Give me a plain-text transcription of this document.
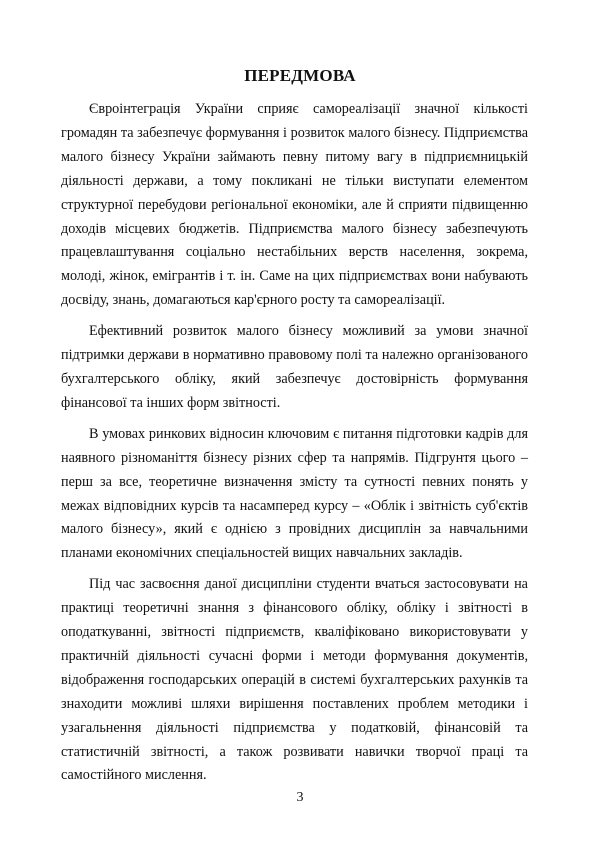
ПЕРЕДМОВА

Євроінтеграція України сприяє самореалізації значної кількості громадян та забезпечує формування і розвиток малого бізнесу. Підприємства малого бізнесу України займають певну питому вагу в підприємницькій діяльності держави, а тому покликані не тільки виступати елементом структурної перебудови регіональної економіки, але й сприяти підвищенню доходів місцевих бюджетів. Підприємства малого бізнесу забезпечують працевлаштування соціально нестабільних верств населення, зокрема, молоді, жінок, емігрантів і т. ін. Саме на цих підприємствах вони набувають досвіду, знань, домагаються кар'єрного росту та самореалізації.

Ефективний розвиток малого бізнесу можливий за умови значної підтримки держави в нормативно правовому полі та належно організованого бухгалтерського обліку, який забезпечує достовірність формування фінансової та інших форм звітності.

В умовах ринкових відносин ключовим є питання підготовки кадрів для наявного різноманіття бізнесу різних сфер та напрямів. Підгрунтя цього – перш за все, теоретичне визначення змісту та сутності певних понять у межах відповідних курсів та насамперед курсу – «Облік і звітність суб'єктів малого бізнесу», який є однією з провідних дисциплін за навчальними планами економічних спеціальностей вищих навчальних закладів.

Під час засвоєння даної дисципліни студенти вчаться застосовувати на практиці теоретичні знання з фінансового обліку, обліку і звітності в оподаткуванні, звітності підприємств, кваліфіковано використовувати у практичній діяльності сучасні форми і методи формування документів, відображення господарських операцій в системі бухгалтерських рахунків та знаходити можливі шляхи вирішення поставлених проблем методики і узагальнення діяльності підприємства у податковій, фінансовій та статистичній звітності, а також розвивати навички творчої праці та самостійного мислення.

3
